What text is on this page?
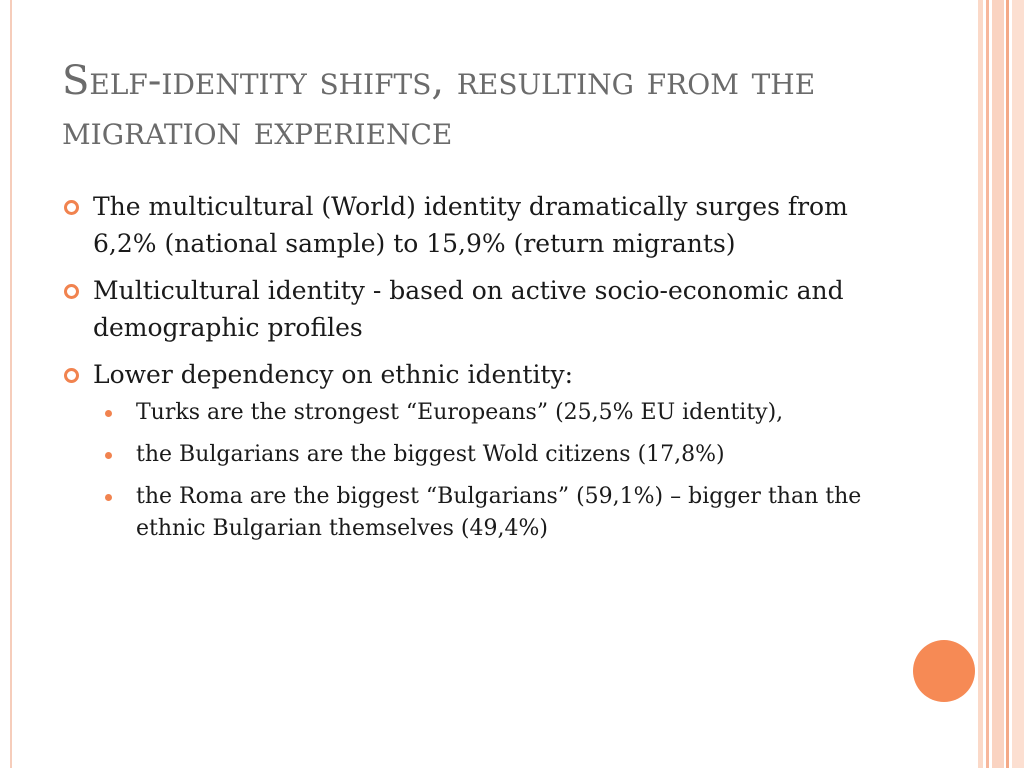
Self-identity shifts, resulting from the migration experience
The multicultural (World) identity dramatically surges from 6,2% (national sample) to 15,9% (return migrants)
Multicultural identity - based on active socio-economic and demographic profiles
Lower dependency on ethnic identity:
Turks are the strongest “Europeans” (25,5% EU identity),
the Bulgarians are the biggest Wold citizens (17,8%)
the Roma are the biggest “Bulgarians” (59,1%) – bigger than the ethnic Bulgarian themselves (49,4%)
